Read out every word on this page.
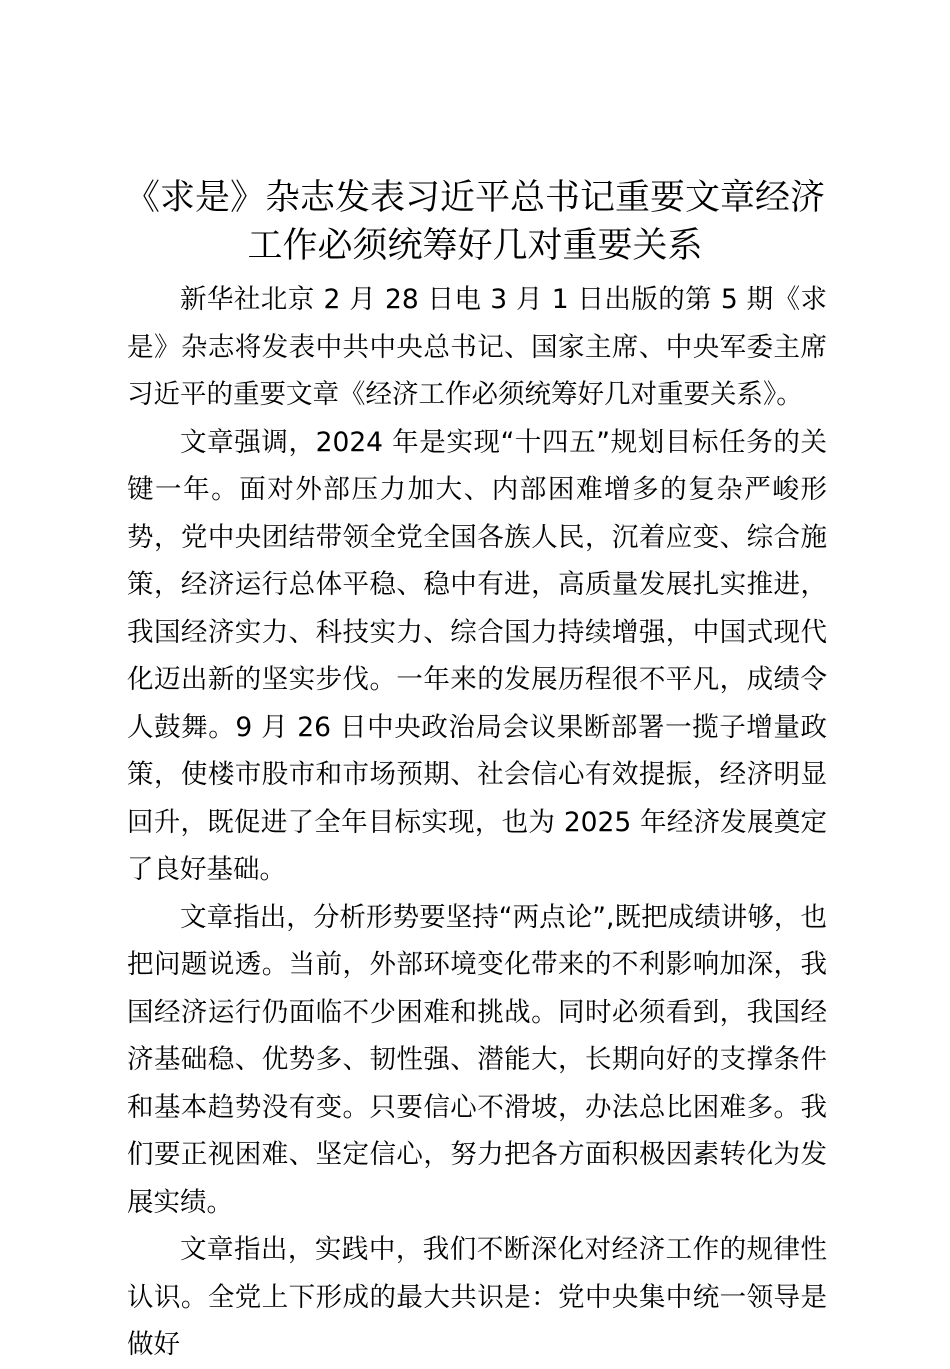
《求是》杂志发表习近平总书记重要文章经济工作必须统筹好几对重要关系

新华社北京 2 月 28 日电 3 月 1 日出版的第 5 期《求是》杂志将发表中共中央总书记、国家主席、中央军委主席习近平的重要文章《经济工作必须统筹好几对重要关系》。

文章强调，2024 年是实现“十四五”规划目标任务的关键一年。面对外部压力加大、内部困难增多的复杂严峻形势，党中央团结带领全党全国各族人民，沉着应变、综合施策，经济运行总体平稳、稳中有进，高质量发展扎实推进，我国经济实力、科技实力、综合国力持续增强，中国式现代化迈出新的坚实步伐。一年来的发展历程很不平凡，成绩令人鼓舞。9 月 26 日中央政治局会议果断部署一揽子增量政策，使楼市股市和市场预期、社会信心有效提振，经济明显回升，既促进了全年目标实现，也为 2025 年经济发展奠定了良好基础。

文章指出，分析形势要坚持“两点论”,既把成绩讲够，也把问题说透。当前，外部环境变化带来的不利影响加深，我国经济运行仍面临不少困难和挑战。同时必须看到，我国经济基础稳、优势多、韧性强、潜能大，长期向好的支撑条件和基本趋势没有变。只要信心不滑坡，办法总比困难多。我们要正视困难、坚定信心，努力把各方面积极因素转化为发展实绩。

文章指出，实践中，我们不断深化对经济工作的规律性认识。全党上下形成的最大共识是：党中央集中统一领导是做好
